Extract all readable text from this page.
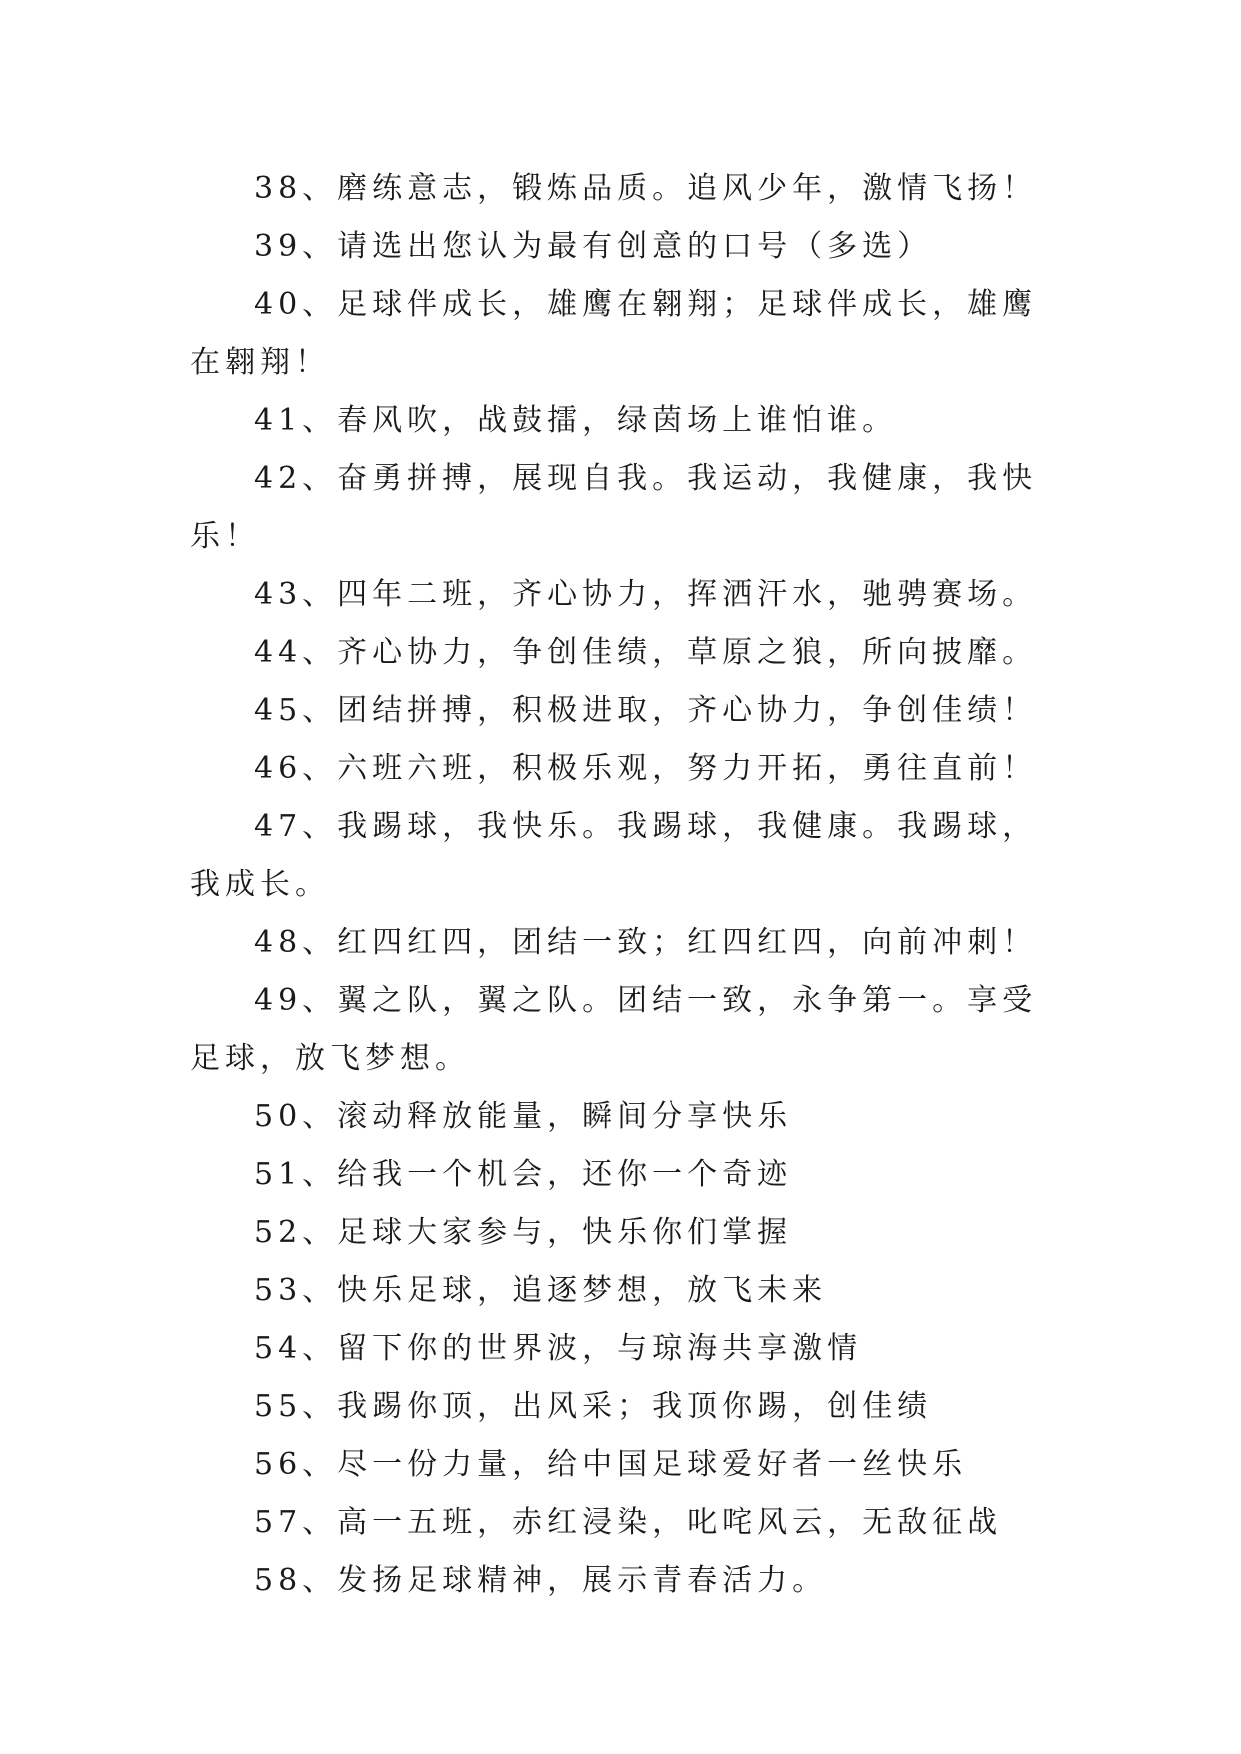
38、磨练意志，锻炼品质。追风少年，激情飞扬！

39、请选出您认为最有创意的口号（多选）

40、足球伴成长，雄鹰在翱翔；足球伴成长，雄鹰在翱翔！

41、春风吹，战鼓擂，绿茵场上谁怕谁。

42、奋勇拼搏，展现自我。我运动，我健康，我快乐！

43、四年二班，齐心协力，挥洒汗水，驰骋赛场。

44、齐心协力，争创佳绩，草原之狼，所向披靡。

45、团结拼搏，积极进取，齐心协力，争创佳绩！

46、六班六班，积极乐观，努力开拓，勇往直前！

47、我踢球，我快乐。我踢球，我健康。我踢球，我成长。

48、红四红四，团结一致；红四红四，向前冲刺！

49、翼之队，翼之队。团结一致，永争第一。享受足球，放飞梦想。

50、滚动释放能量，瞬间分享快乐

51、给我一个机会，还你一个奇迹

52、足球大家参与，快乐你们掌握

53、快乐足球，追逐梦想，放飞未来

54、留下你的世界波，与琼海共享激情

55、我踢你顶，出风采；我顶你踢，创佳绩

56、尽一份力量，给中国足球爱好者一丝快乐

57、高一五班，赤红浸染，叱咤风云，无敌征战

58、发扬足球精神，展示青春活力。
